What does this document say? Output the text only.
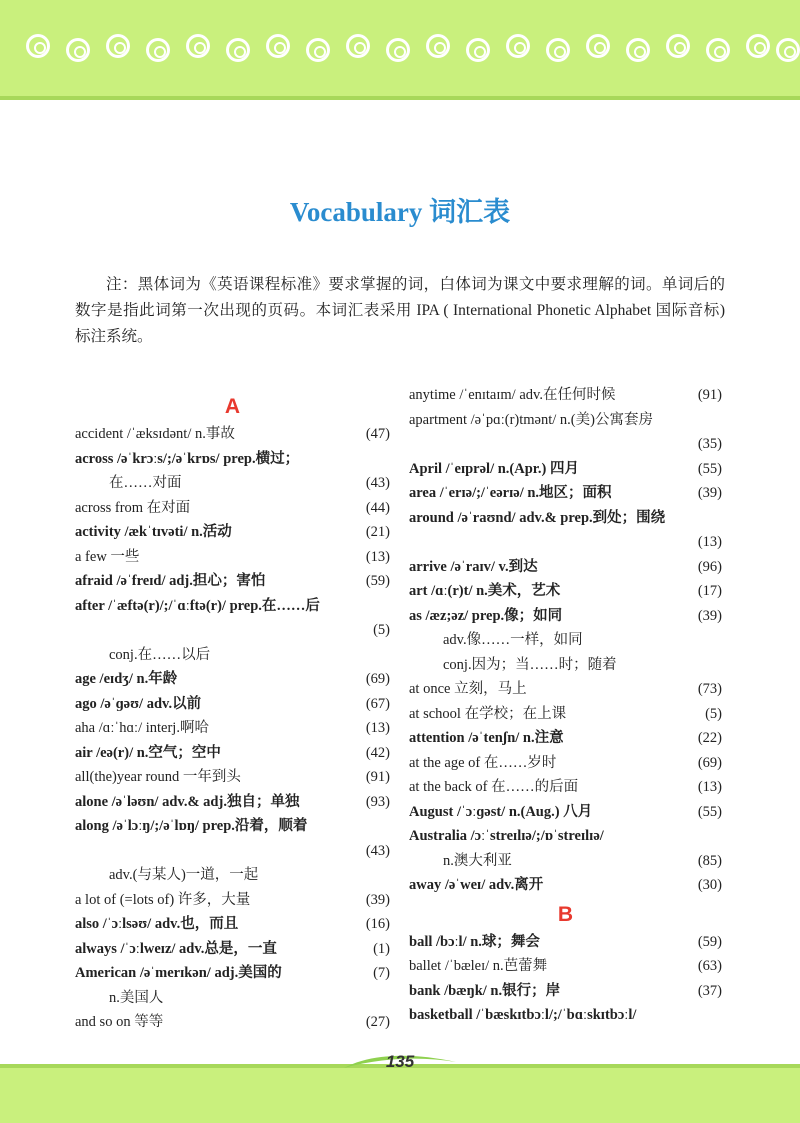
Vocabulary 词汇表
注：黑体词为《英语课程标准》要求掌握的词，白体词为课文中要求理解的词。单词后的数字是指此词第一次出现的页码。本词汇表采用 IPA ( International Phonetic Alphabet 国际音标) 标注系统。
A
accident /ˈæksɪdənt/ n.事故	(47)
across /əˈkrɔːs/;/əˈkrɒs/ prep.横过；
在……对面	(43)
across from 在对面	(44)
activity /ækˈtɪvəti/ n.活动	(21)
a few 一些	(13)
afraid /əˈfreɪd/ adj.担心；害怕	(59)
after /ˈæftə(r)/;/ˈɑːftə(r)/ prep.在……后
(5)

conj.在……以后
age /eɪdʒ/ n.年龄	(69)
ago /əˈɡəʊ/ adv.以前	(67)
aha /ɑːˈhɑː/ interj.啊哈	(13)
air /eə(r)/ n.空气；空中	(42)
all(the)year round 一年到头	(91)
alone /əˈləʊn/ adv.& adj.独自；单独	(93)
along /əˈlɔːŋ/;/əˈlɒŋ/ prep.沿着，顺着
(43)

adv.(与某人)一道，一起
a lot of (=lots of) 许多，大量	(39)
also /ˈɔːlsəʊ/ adv.也，而且	(16)
always /ˈɔːlweɪz/ adv.总是，一直	(1)
American /əˈmerɪkən/ adj.美国的	(7)
n.美国人
and so on 等等	(27)
anytime /ˈenɪtaɪm/ adv.在任何时候	(91)
apartment /əˈpɑː(r)tmənt/ n.(美)公寓套房
(35)

April /ˈeɪprəl/ n.(Apr.) 四月	(55)
area /ˈerɪə/;/ˈeərɪə/ n.地区；面积	(39)
around /əˈraʊnd/ adv.& prep.到处；围绕
(13)

arrive /əˈraɪv/ v.到达	(96)
art /ɑː(r)t/ n.美术，艺术	(17)
as /æz;əz/ prep.像；如同	(39)
adv.像……一样，如同
conj.因为；当……时；随着
at once 立刻，马上	(73)
at school 在学校；在上课	(5)
attention /əˈtenʃn/ n.注意	(22)
at the age of 在……岁时	(69)
at the back of 在……的后面	(13)
August /ˈɔːɡəst/ n.(Aug.) 八月	(55)
Australia /ɔːˈstreɪlɪə/;/ɒˈstreɪlɪə/
n.澳大利亚	(85)
away /əˈweɪ/ adv.离开	(30)
B
ball /bɔːl/ n.球；舞会	(59)
ballet /ˈbæleɪ/ n.芭蕾舞	(63)
bank /bæŋk/ n.银行；岸	(37)
basketball /ˈbæskɪtbɔːl/;/ˈbɑːskɪtbɔːl/
135
